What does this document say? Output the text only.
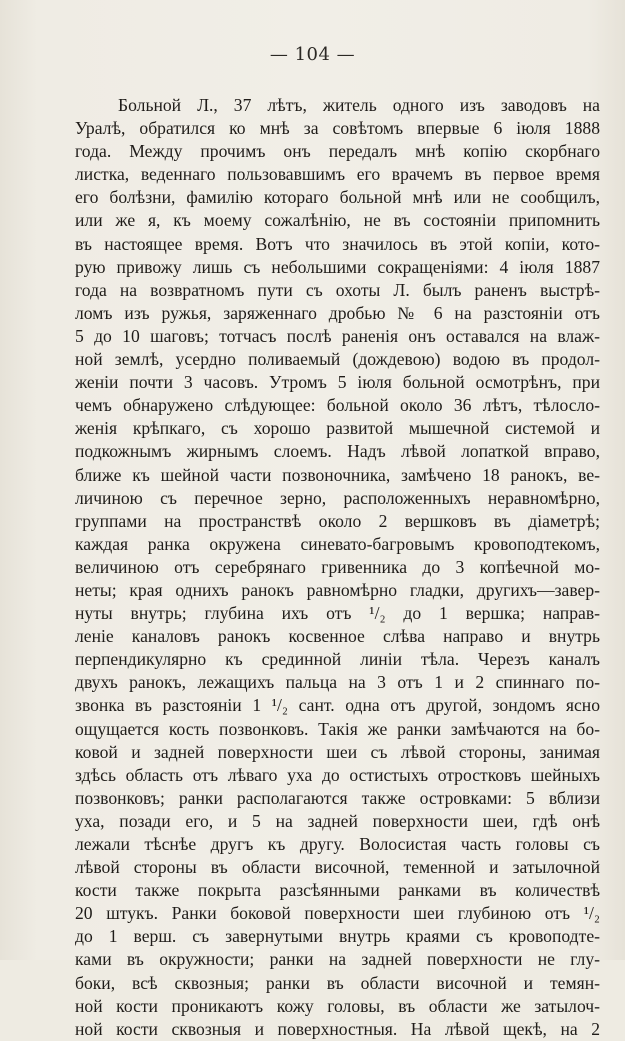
— 104 —
Больной Л., 37 лѣтъ, житель одного изъ заводовъ на
Уралѣ, обратился ко мнѣ за совѣтомъ впервые 6 іюля 1888
года. Между прочимъ онъ передалъ мнѣ копію скорбнаго
листка, веденнаго пользовавшимъ его врачемъ въ первое время
его болѣзни, фамилію котораго больной мнѣ или не сообщилъ,
или же я, къ моему сожалѣнію, не въ состояніи припомнить
въ настоящее время. Вотъ что значилось въ этой копіи, кото-
рую привожу лишь съ небольшими сокращеніями: 4 іюля 1887
года на возвратномъ пути съ охоты Л. былъ раненъ выстрѣ-
ломъ изъ ружья, заряженнаго дробью № 6 на разстояніи отъ
5 до 10 шаговъ; тотчасъ послѣ раненія онъ оставался на влаж-
ной землѣ, усердно поливаемый (дождевою) водою въ продол-
женіи почти 3 часовъ. Утромъ 5 іюля больной осмотрѣнъ, при
чемъ обнаружено слѣдующее: больной около 36 лѣтъ, тѣлосло-
женія крѣпкаго, съ хорошо развитой мышечной системой и
подкожнымъ жирнымъ слоемъ. Надъ лѣвой лопаткой вправо,
ближе къ шейной части позвоночника, замѣчено 18 ранокъ, ве-
личиною съ перечное зерно, расположенныхъ неравномѣрно,
группами на пространствѣ около 2 вершковъ въ діаметрѣ;
каждая ранка окружена синевато-багровымъ кровоподтекомъ,
величиною отъ серебрянаго гривенника до 3 копѣечной мо-
неты; края однихъ ранокъ равномѣрно гладки, другихъ—завер-
нуты внутрь; глубина ихъ отъ ¹/₂ до 1 вершка; направ-
леніе каналовъ ранокъ косвенное слѣва направо и внутрь
перпендикулярно къ срединной линіи тѣла. Черезъ каналъ
двухъ ранокъ, лежащихъ пальца на 3 отъ 1 и 2 спиннаго по-
звонка въ разстояніи 1 ¹/₂ сант. одна отъ другой, зондомъ ясно
ощущается кость позвонковъ. Такія же ранки замѣчаются на бо-
ковой и задней поверхности шеи съ лѣвой стороны, занимая
здѣсь область отъ лѣваго уха до остистыхъ отростковъ шейныхъ
позвонковъ; ранки располагаются также островками: 5 вблизи
уха, позади его, и 5 на задней поверхности шеи, гдѣ онѣ
лежали тѣснѣе другъ къ другу. Волосистая часть головы съ
лѣвой стороны въ области височной, теменной и затылочной
кости также покрыта разсѣянными ранками въ количествѣ
20 штукъ. Ранки боковой поверхности шеи глубиною отъ ¹/₂
до 1 верш. съ завернутыми внутрь краями съ кровоподте-
ками въ окружности; ранки на задней поверхности не глу-
боки, всѣ сквозныя; ранки въ области височной и темян-
ной кости проникаютъ кожу головы, въ области же затылоч-
ной кости сквозныя и поверхностныя. На лѣвой щекѣ, на 2
